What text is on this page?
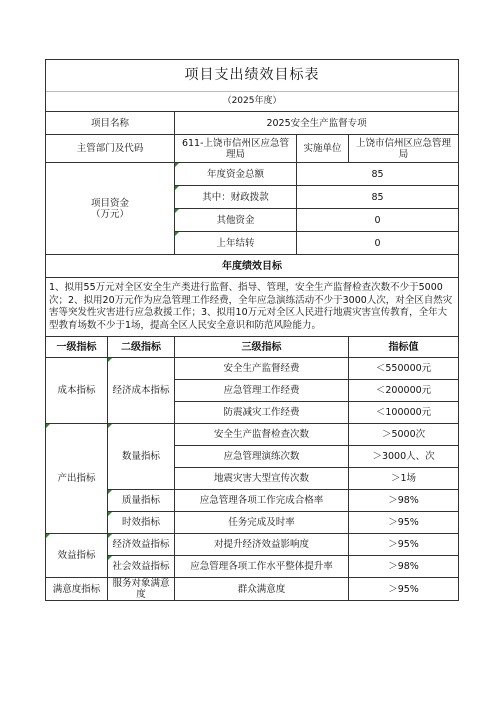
项目支出绩效目标表				
（2025年度）				
项目名称		2025安全生产监督专项		
主管部门及代码		611-上饶市信州区应急管理局	实施单位	上饶市信州区应急管理局
项目资金
（万元）		年度资金总额	85	
		其中：财政拨款	85	
		其他资金	0	
		上年结转	0	
年度绩效目标				
1、拟用55万元对全区安全生产类进行监督、指导、管理，安全生产监督检查次数不少于5000次；2、拟用20万元作为应急管理工作经费，全年应急演练活动不少于3000人次，对全区自然灾害等突发性灾害进行应急救援工作；3、拟用10万元对全区人民进行地震灾害宣传教育，全年大型教育场数不少于1场，提高全区人民安全意识和防范风险能力。				
一级指标	二级指标	三级指标		指标值
成本指标	经济成本指标	安全生产监督经费		＜550000元
		应急管理工作经费		＜200000元
		防震减灾工作经费		＜100000元
产出指标	数量指标	安全生产监督检查次数		＞5000次
		应急管理演练次数		＞3000人、次
		地震灾害大型宣传次数		＞1场
	质量指标	应急管理各项工作完成合格率		＞98%
	时效指标	任务完成及时率		＞95%
效益指标	经济效益指标	对提升经济效益影响度		＞95%
	社会效益指标	应急管理各项工作水平整体提升率		＞98%
满意度指标	服务对象满意度	群众满意度		＞95%
